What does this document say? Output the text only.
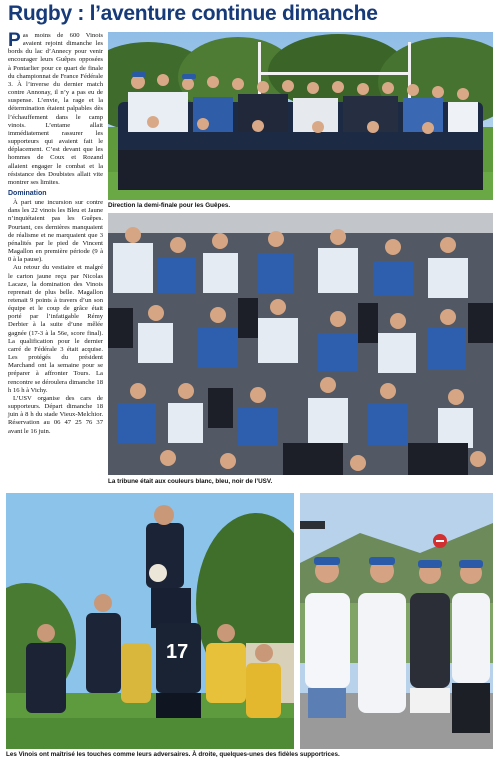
Rugby : l’aventure continue dimanche

Pas moins de 600 Vinois avaient rejoint dimanche les bords du lac d’Annecy pour venir encourager leurs Guêpes opposées à Pontarlier pour ce quart de finale du championnat de France Fédérale 3. À l’inverse du dernier match contre Annonay, il n’y a pas eu de suspense. L’envie, la rage et la détermination étaient palpables dès l’échauffement dans le camp vinois. L’entame allait immédiatement rassurer les supporteurs qui avaient fait le déplacement. C’est devant que les hommes de Coux et Rozand allaient engager le combat et la résistance des Doubistes allait vite montrer ses limites.

Domination

À part une incursion sur contre dans les 22 vinois les Bleu et Jaune n’inquiétaient pas les Guêpes. Pourtant, ces dernières manquaient de réalisme et ne marquaient que 3 pénalités par le pied de Vincent Magallon en première période (9 à 0 à la pause).

Au retour du vestiaire et malgré le carton jaune reçu par Nicolas Lacaze, la domination des Vinois reprenait de plus belle. Magallon retenait 9 points à travers d’un son équipe et le coup de grâce était porté par l’infatigable Rémy Derbier à la suite d’une mêlée gagnée (17-3 à la 56e, score final). La qualification pour le dernier carré de Fédérale 3 était acquise. Les protégés du président Marchand ont la semaine pour se préparer à affronter Tours. La rencontre se déroulera dimanche 18 h 16 h à Vichy.

L’USV organise des cars de supporteurs. Départ dimanche 18 juin à 8 h du stade Vieux-Melchior. Réservation au 06 47 25 76 37 avant le 16 juin.

Direction la demi-finale pour les Guêpes.
La tribune était aux couleurs blanc, bleu, noir de l’USV.
17
Les Vinois ont maîtrisé les touches comme leurs adversaires. À droite, quelques-unes des fidèles supportrices.
